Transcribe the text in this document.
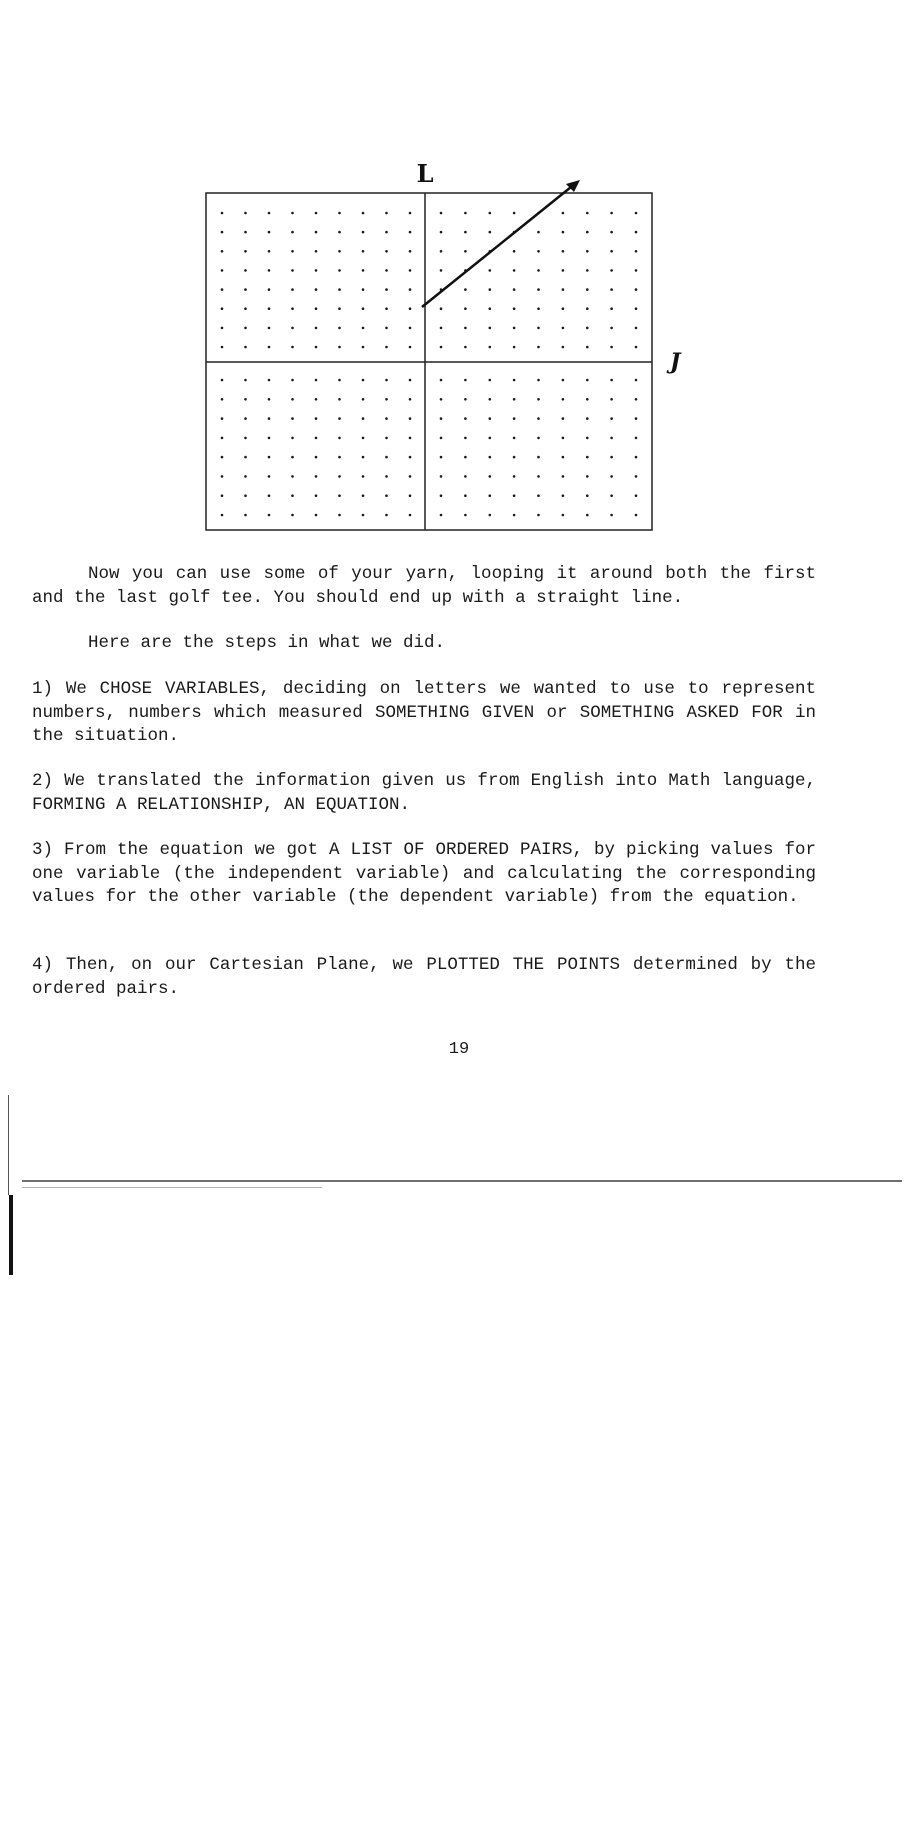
L
J
Now you can use some of your yarn, looping it around both the first and the last golf tee. You should end up with a straight line.
Here are the steps in what we did.
1) We CHOSE VARIABLES, deciding on letters we wanted to use to represent numbers, numbers which measured SOMETHING GIVEN or SOMETHING ASKED FOR in the situation.
2) We translated the information given us from English into Math language, FORMING A RELATIONSHIP, AN EQUATION.
3) From the equation we got A LIST OF ORDERED PAIRS, by picking values for one variable (the independent variable) and calculating the corresponding values for the other variable (the dependent variable) from the equation.
4) Then, on our Cartesian Plane, we PLOTTED THE POINTS determined by the ordered pairs.
19
